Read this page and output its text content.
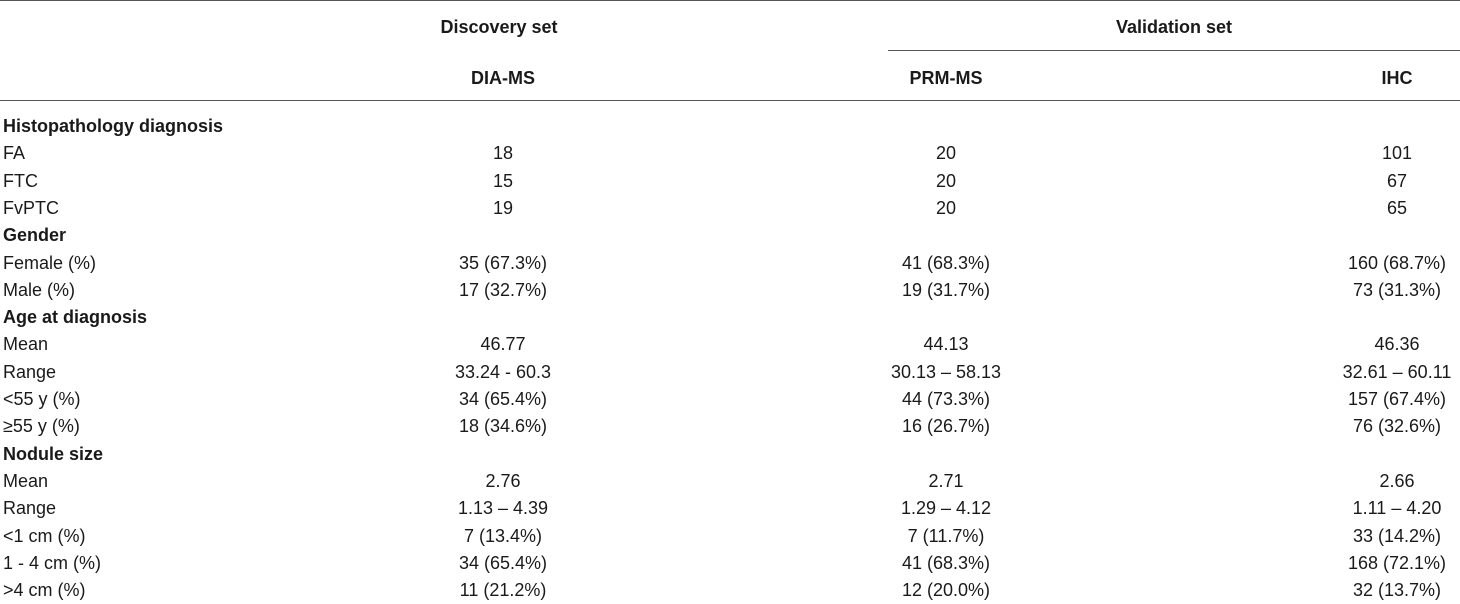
Discovery set	Validation set
DIA-MS	PRM-MS	IHC
Histopathology diagnosis
FA	18	20	101
FTC	15	20	67
FvPTC	19	20	65
Gender
Female (%)	35 (67.3%)	41 (68.3%)	160 (68.7%)
Male (%)	17 (32.7%)	19 (31.7%)	73 (31.3%)
Age at diagnosis
Mean	46.77	44.13	46.36
Range	33.24 - 60.3	30.13 – 58.13	32.61 – 60.11
<55 y (%)	34 (65.4%)	44 (73.3%)	157 (67.4%)
≥55 y (%)	18 (34.6%)	16 (26.7%)	76 (32.6%)
Nodule size
Mean	2.76	2.71	2.66
Range	1.13 – 4.39	1.29 – 4.12	1.11 – 4.20
<1 cm (%)	7 (13.4%)	7 (11.7%)	33 (14.2%)
1 - 4 cm (%)	34 (65.4%)	41 (68.3%)	168 (72.1%)
>4 cm (%)	11 (21.2%)	12 (20.0%)	32 (13.7%)
